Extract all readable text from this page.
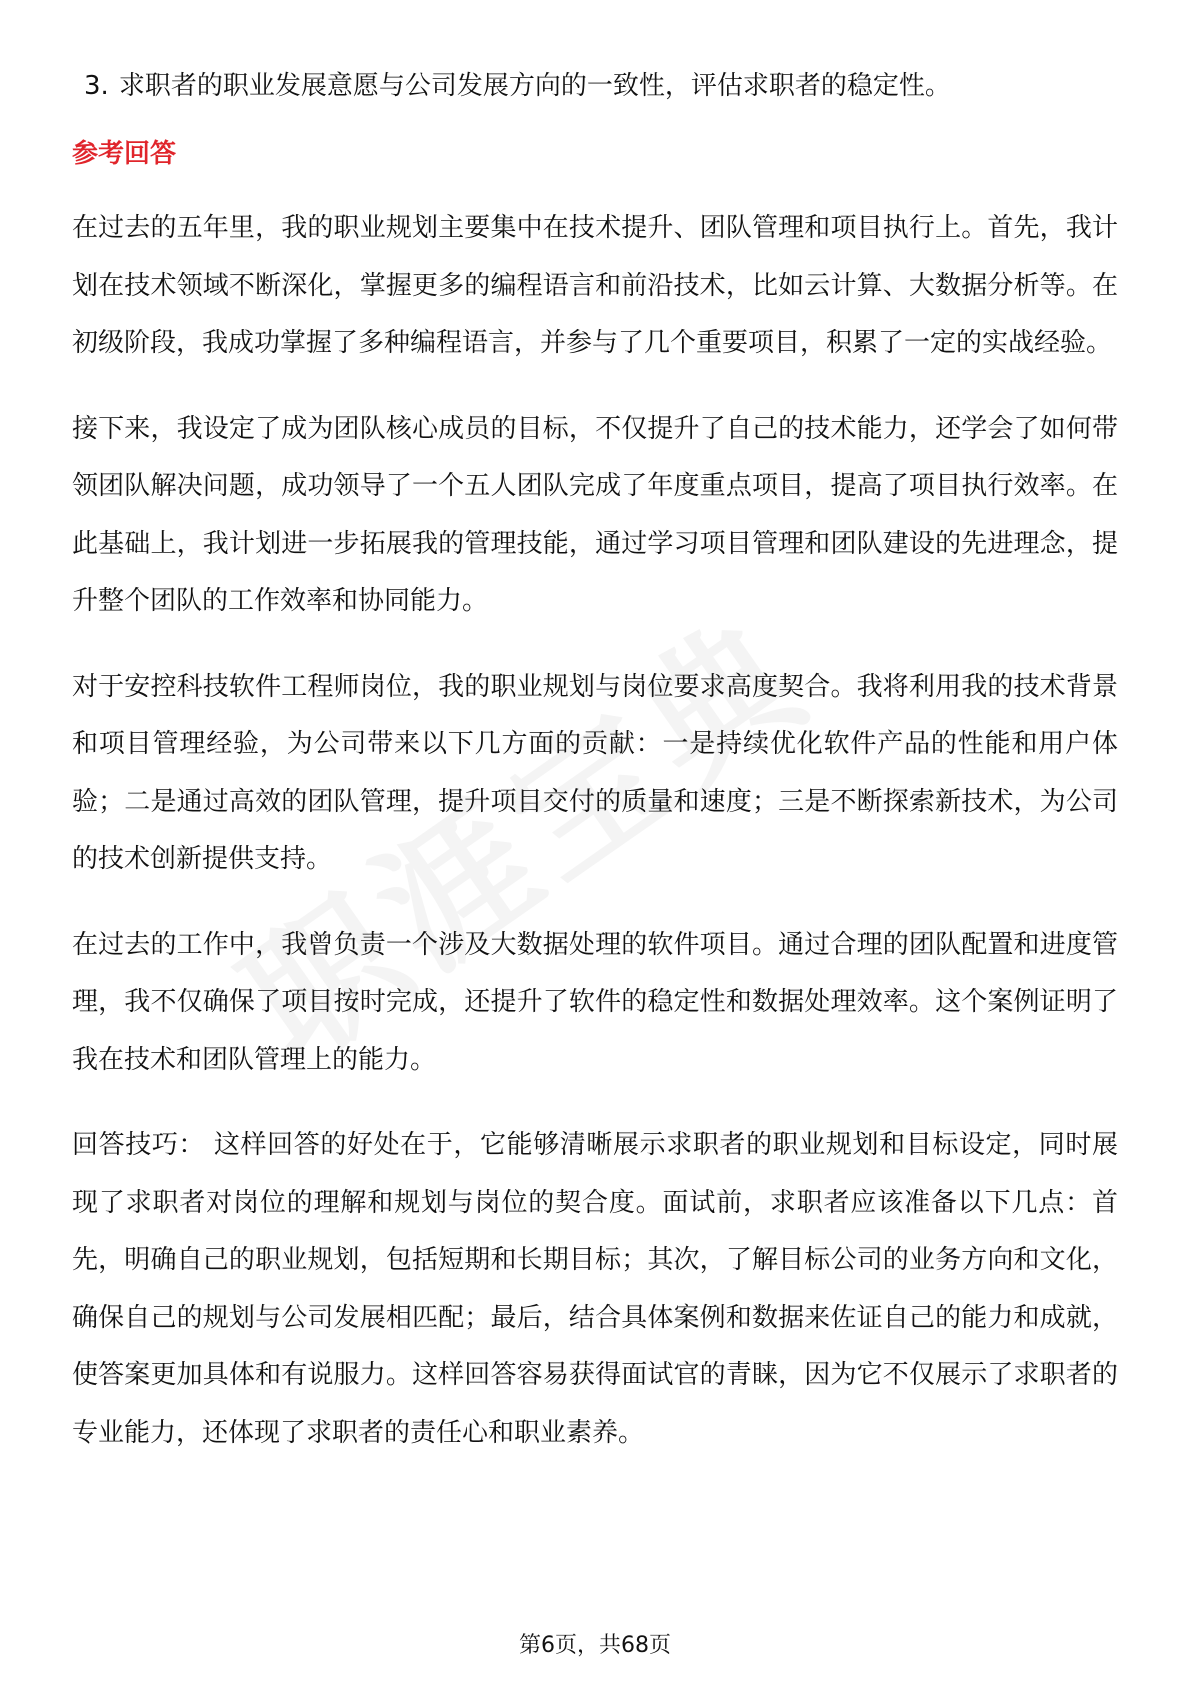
3. 求职者的职业发展意愿与公司发展方向的一致性，评估求职者的稳定性。
参考回答

在过去的五年里，我的职业规划主要集中在技术提升、团队管理和项目执行上。首先，我计划在技术领域不断深化，掌握更多的编程语言和前沿技术，比如云计算、大数据分析等。在初级阶段，我成功掌握了多种编程语言，并参与了几个重要项目，积累了一定的实战经验。

接下来，我设定了成为团队核心成员的目标，不仅提升了自己的技术能力，还学会了如何带领团队解决问题，成功领导了一个五人团队完成了年度重点项目，提高了项目执行效率。在此基础上，我计划进一步拓展我的管理技能，通过学习项目管理和团队建设的先进理念，提升整个团队的工作效率和协同能力。

对于安控科技软件工程师岗位，我的职业规划与岗位要求高度契合。我将利用我的技术背景和项目管理经验，为公司带来以下几方面的贡献：一是持续优化软件产品的性能和用户体验；二是通过高效的团队管理，提升项目交付的质量和速度；三是不断探索新技术，为公司的技术创新提供支持。

在过去的工作中，我曾负责一个涉及大数据处理的软件项目。通过合理的团队配置和进度管理，我不仅确保了项目按时完成，还提升了软件的稳定性和数据处理效率。这个案例证明了我在技术和团队管理上的能力。

回答技巧： 这样回答的好处在于，它能够清晰展示求职者的职业规划和目标设定，同时展现了求职者对岗位的理解和规划与岗位的契合度。面试前，求职者应该准备以下几点：首先，明确自己的职业规划，包括短期和长期目标；其次，了解目标公司的业务方向和文化，确保自己的规划与公司发展相匹配；最后，结合具体案例和数据来佐证自己的能力和成就，使答案更加具体和有说服力。这样回答容易获得面试官的青睐，因为它不仅展示了求职者的专业能力，还体现了求职者的责任心和职业素养。

第6页，共68页
